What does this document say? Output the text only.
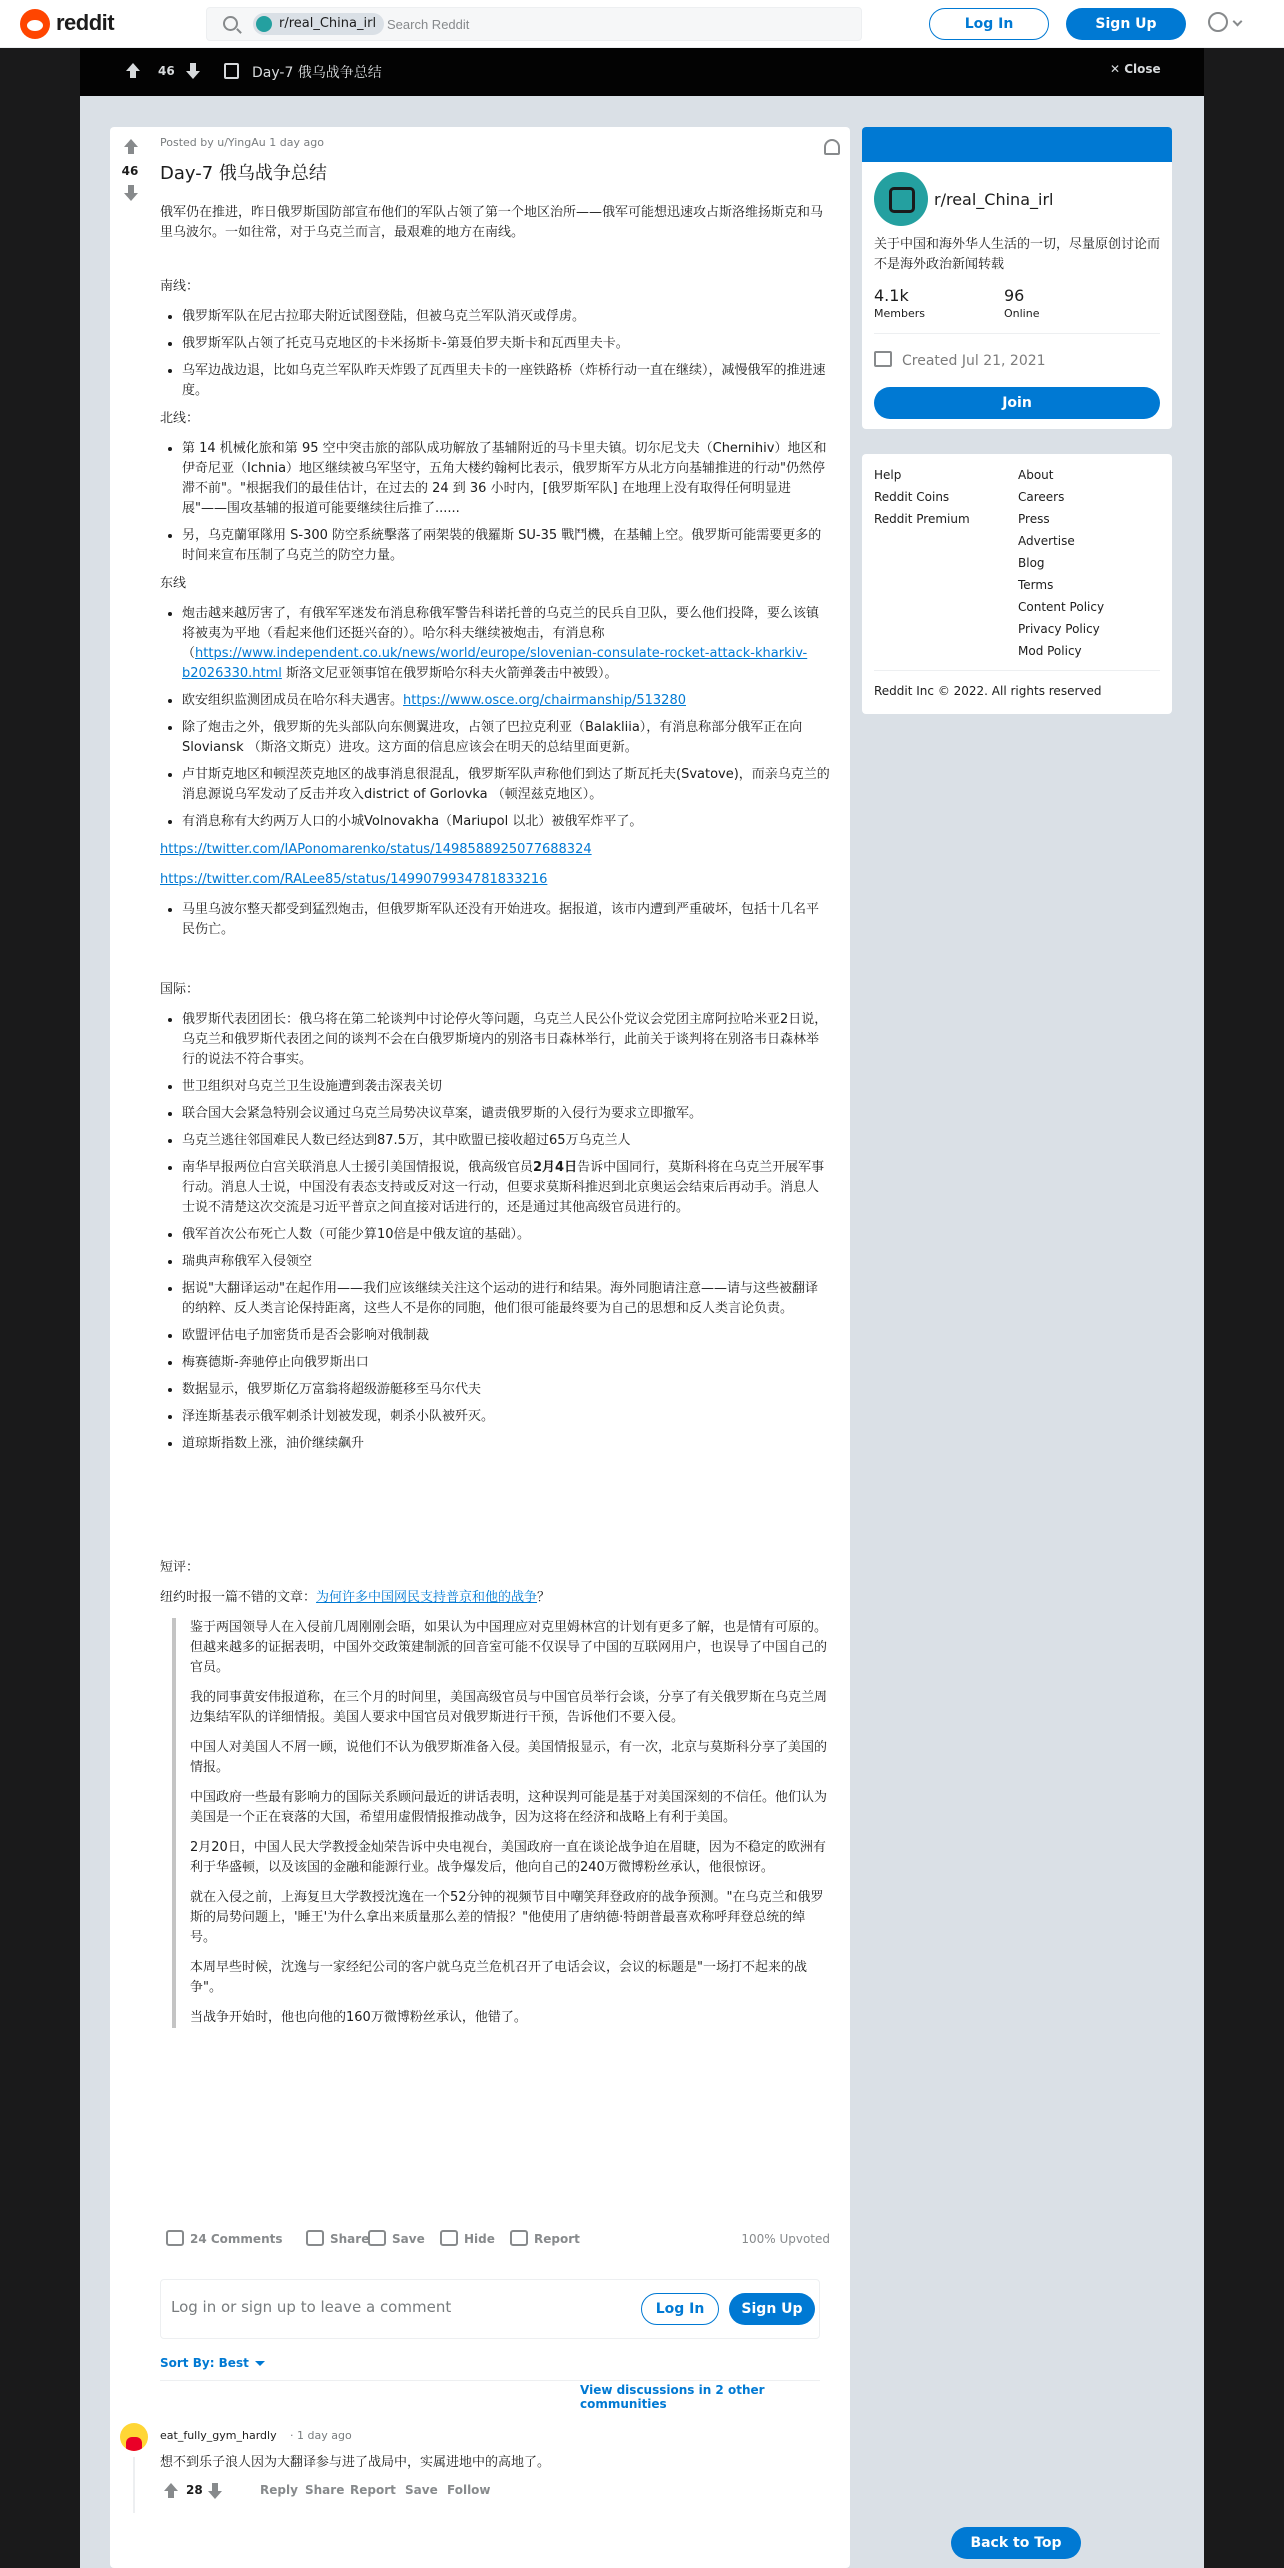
reddit	r/real_China_irl
Search Reddit	Log In	Sign Up
46	Day-7 俄乌战争总结	✕ Close
46
Posted by u/YingAu 1 day ago
Day-7 俄乌战争总结

俄军仍在推进，昨日俄罗斯国防部宣布他们的军队占领了第一个地区治所——俄军可能想迅速攻占斯洛维扬斯克和马里乌波尔。一如往常，对于乌克兰而言，最艰难的地方在南线。

南线：

• 俄罗斯军队在尼古拉耶夫附近试图登陆，但被乌克兰军队消灭或俘虏。
• 俄罗斯军队占领了托克马克地区的卡米扬斯卡-第聂伯罗夫斯卡和瓦西里夫卡。
• 乌军边战边退，比如乌克兰军队昨天炸毁了瓦西里夫卡的一座铁路桥（炸桥行动一直在继续），减慢俄军的推进速度。

北线：

• 第 14 机械化旅和第 95 空中突击旅的部队成功解放了基辅附近的马卡里夫镇。切尔尼戈夫（Chernihiv）地区和伊奇尼亚（Ichnia）地区继续被乌军坚守，五角大楼约翰柯比表示，俄罗斯军方从北方向基辅推进的行动"仍然停滞不前"。"根据我们的最佳估计，在过去的 24 到 36 小时内，[俄罗斯军队] 在地理上没有取得任何明显进展"——围攻基辅的报道可能要继续往后推了......
• 另，乌克蘭軍隊用 S-300 防空系統擊落了兩架裝的俄羅斯 SU-35 戰鬥機，在基輔上空。俄罗斯可能需要更多的时间来宣布压制了乌克兰的防空力量。

东线

• 炮击越来越厉害了，有俄军军迷发布消息称俄军警告科诺托普的乌克兰的民兵自卫队，要么他们投降，要么该镇将被夷为平地（看起来他们还挺兴奋的）。哈尔科夫继续被炮击，有消息称（https://www.independent.co.uk/news/world/europe/slovenian-consulate-rocket-attack-kharkiv-b2026330.html 斯洛文尼亚领事馆在俄罗斯哈尔科夫火箭弹袭击中被毁）。
• 欧安组织监测团成员在哈尔科夫遇害。https://www.osce.org/chairmanship/513280
• 除了炮击之外，俄罗斯的先头部队向东侧翼进攻，占领了巴拉克利亚（Balakliia），有消息称部分俄军正在向Sloviansk （斯洛文斯克）进攻。这方面的信息应该会在明天的总结里面更新。
• 卢甘斯克地区和顿涅茨克地区的战事消息很混乱，俄罗斯军队声称他们到达了斯瓦托夫(Svatove)，而亲乌克兰的消息源说乌军发动了反击并攻入district of Gorlovka （顿涅兹克地区）。
• 有消息称有大约两万人口的小城Volnovakha（Mariupol 以北）被俄军炸平了。

https://twitter.com/IAPonomarenko/status/1498588925077688324

https://twitter.com/RALee85/status/1499079934781833216

• 马里乌波尔整天都受到猛烈炮击，但俄罗斯军队还没有开始进攻。据报道，该市内遭到严重破坏，包括十几名平民伤亡。

国际：

• 俄罗斯代表团团长：俄乌将在第二轮谈判中讨论停火等问题，乌克兰人民公仆党议会党团主席阿拉哈米亚2日说，乌克兰和俄罗斯代表团之间的谈判不会在白俄罗斯境内的别洛韦日森林举行，此前关于谈判将在别洛韦日森林举行的说法不符合事实。
• 世卫组织对乌克兰卫生设施遭到袭击深表关切
• 联合国大会紧急特别会议通过乌克兰局势决议草案，谴责俄罗斯的入侵行为要求立即撤军。
• 乌克兰逃往邻国难民人数已经达到87.5万，其中欧盟已接收超过65万乌克兰人
• 南华早报两位白宫关联消息人士援引美国情报说，俄高级官员2月4日告诉中国同行，莫斯科将在乌克兰开展军事行动。消息人士说，中国没有表态支持或反对这一行动，但要求莫斯科推迟到北京奥运会结束后再动手。消息人士说不清楚这次交流是习近平普京之间直接对话进行的，还是通过其他高级官员进行的。
• 俄军首次公布死亡人数（可能少算10倍是中俄友谊的基础）。
• 瑞典声称俄军入侵领空
• 据说"大翻译运动"在起作用——我们应该继续关注这个运动的进行和结果。海外同胞请注意——请与这些被翻译的纳粹、反人类言论保持距离，这些人不是你的同胞，他们很可能最终要为自己的思想和反人类言论负责。
• 欧盟评估电子加密货币是否会影响对俄制裁
• 梅赛德斯-奔驰停止向俄罗斯出口
• 数据显示，俄罗斯亿万富翁将超级游艇移至马尔代夫
• 泽连斯基表示俄军刺杀计划被发现，刺杀小队被歼灭。
• 道琼斯指数上涨，油价继续飙升

短评：

纽约时报一篇不错的文章：为何许多中国网民支持普京和他的战争？

鉴于两国领导人在入侵前几周刚刚会晤，如果认为中国理应对克里姆林宫的计划有更多了解，也是情有可原的。但越来越多的证据表明，中国外交政策建制派的回音室可能不仅误导了中国的互联网用户，也误导了中国自己的官员。

我的同事黄安伟报道称，在三个月的时间里，美国高级官员与中国官员举行会谈，分享了有关俄罗斯在乌克兰周边集结军队的详细情报。美国人要求中国官员对俄罗斯进行干预，告诉他们不要入侵。

中国人对美国人不屑一顾，说他们不认为俄罗斯准备入侵。美国情报显示，有一次，北京与莫斯科分享了美国的情报。

中国政府一些最有影响力的国际关系顾问最近的讲话表明，这种误判可能是基于对美国深刻的不信任。他们认为美国是一个正在衰落的大国，希望用虚假情报推动战争，因为这将在经济和战略上有利于美国。

2月20日，中国人民大学教授金灿荣告诉中央电视台，美国政府一直在谈论战争迫在眉睫，因为不稳定的欧洲有利于华盛顿，以及该国的金融和能源行业。战争爆发后，他向自己的240万微博粉丝承认，他很惊讶。

就在入侵之前，上海复旦大学教授沈逸在一个52分钟的视频节目中嘲笑拜登政府的战争预测。"在乌克兰和俄罗斯的局势问题上，'睡王'为什么拿出来质量那么差的情报？"他使用了唐纳德·特朗普最喜欢称呼拜登总统的绰号。

本周早些时候，沈逸与一家经纪公司的客户就乌克兰危机召开了电话会议，会议的标题是"一场打不起来的战争"。

当战争开始时，他也向他的160万微博粉丝承认，他错了。

24 Comments	Share Save	Hide	Report	100% Upvoted
Log in or sign up to leave a comment	Log In	Sign Up
Sort By: Best
View discussions in 2 other communities
eat_fully_gym_hardly · 1 day ago
想不到乐子浪人因为大翻译参与进了战局中，实属进地中的高地了。
28	Reply Share Report Save Follow
r/real_China_irl
关于中国和海外华人生活的一切，尽量原创讨论而不是海外政治新闻转载
4.1k
Members
96
Online
Created Jul 21, 2021
Join
Help
Reddit Coins
Reddit Premium
About
Careers
Press
Advertise
Blog
Terms
Content Policy
Privacy Policy
Mod Policy
Reddit Inc © 2022. All rights reserved
Back to Top
